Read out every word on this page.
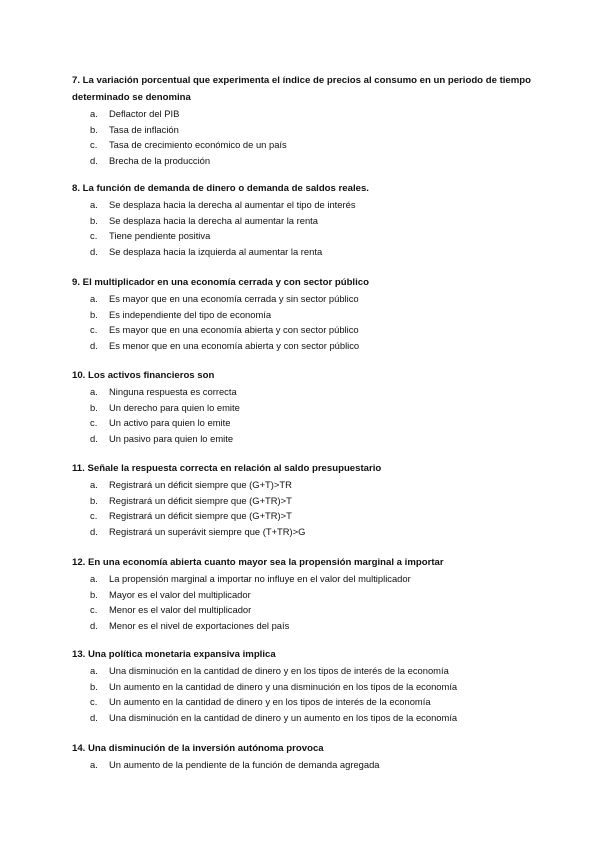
7. La variación porcentual que experimenta el índice de precios al consumo en un periodo de tiempo determinado se denomina

a.	Deflactor del PIB
b.	Tasa de inflación
c.	Tasa de crecimiento económico de un país
d.	Brecha de la producción

8. La función de demanda de dinero o demanda de saldos reales.

a.	Se desplaza hacia la derecha al aumentar el tipo de interés
b.	Se desplaza hacia la derecha al aumentar la renta
c.	Tiene pendiente positiva
d.	Se desplaza hacia la izquierda al aumentar la renta

9. El multiplicador en una economía cerrada y con sector público

a.	Es mayor que en una economía cerrada y sin sector público
b.	Es independiente del tipo de economía
c.	Es mayor que en una economía abierta y con sector público
d.	Es menor que en una economía abierta y con sector público

10. Los activos financieros son

a.	Ninguna respuesta es correcta
b.	Un derecho para quien lo emite
c.	Un activo para quien lo emite
d.	Un pasivo para quien lo emite

11. Señale la respuesta correcta en relación al saldo presupuestario

a.	Registrará un déficit siempre que (G+T)>TR
b.	Registrará un déficit siempre que (G+TR)>T
c.	Registrará un déficit siempre que (G+TR)>T
d.	Registrará un superávit siempre que (T+TR)>G

12. En una economía abierta cuanto mayor sea la propensión marginal a importar

a.	La propensión marginal a importar no influye en el valor del multiplicador
b.	Mayor es el valor del multiplicador
c.	Menor es el valor del multiplicador
d.	Menor es el nivel de exportaciones del país

13. Una política monetaria expansiva implica

a.	Una disminución en la cantidad de dinero y en los tipos de interés de la economía
b.	Un aumento en la cantidad de dinero y una disminución en los tipos de la economía
c.	Un aumento en la cantidad de dinero y en los tipos de interés de la economía
d.	Una disminución en la cantidad de dinero y un aumento en los tipos de la economía

14. Una disminución de la inversión autónoma provoca

a.	Un aumento de la pendiente de la función de demanda agregada
